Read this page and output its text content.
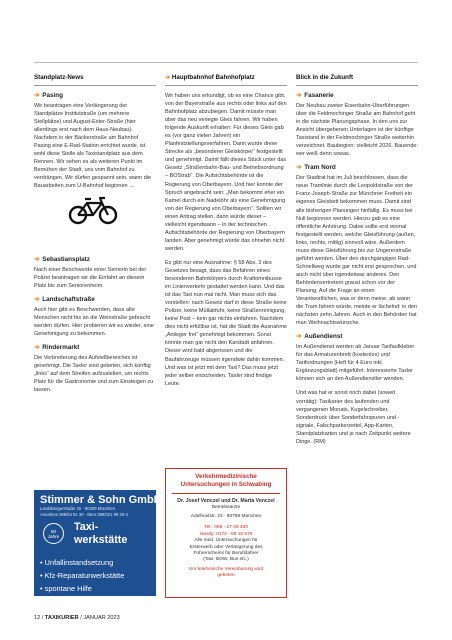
Standplatz-News
➔ Pasing
Wir beantragen eine Verlängerung der Standplätze Institutstraße (um mehrere Stellplätze) und August-Exter-Straße (hier allerdings erst nach dem Haus-Neubau). Nachdem in der Bäckerstraße am Bahnhof Pasing eine E-Rad-Station errichtet wurde, ist wohl diese Stelle als Taxistandplatz aus dem Rennen. Wir sehen es als weiteren Punkt im Bemühen der Stadt, uns vom Bahnhof zu verdrängen. Wir dürfen gespannt sein, wann die Bauarbeiten zum U-Bahnhof beginnen …
➔ Sebastiansplatz
Nach einer Beschwerde einer Seniorin bei der Polizei beantragen wir die Einfahrt an diesem Platz bis zum Seniorenheim.
➔ Landschaftstraße
Auch hier gibt es Beschwerden, dass alte Menschen nicht bis an die Weinstraße gebracht werden dürfen. Hier probieren wir es wieder, eine Genehmigung zu bekommen.
➔ Rindermarkt
Die Verbreiterung des Aufstellbereiches ist genehmigt. Die Taxler sind gebeten, sich künftig „links“ auf dem Streifen aufzustellen, um rechts Platz für die Gastronomie und zum Einsteigen zu lassen.
➔ Hauptbahnhof Bahnhofplatz
Wir haben uns erkundigt, ob es eine Chance gibt, von der Bayerstraße aus rechts oder links auf den Bahnhofplatz abzubiegen. Damit müsste man über das neu verlegte Gleis fahren. Wir haben folgende Auskunft erhalten: Für dieses Gleis gab es (vor ganz vielen Jahren) ein Planfeststellungsverfahren. Darin wurde diese Strecke als „besonderer Gleiskörper“ festgestellt und genehmigt. Damit fällt dieses Stück unter das Gesetz „Straßenbahn-Bau- und Betriebsordnung – BOStrab“. Die Aufsichtsbehörde ist die Regierung von Oberbayern. Und hier konnte der Spruch angebracht sein: „Man bekommt eher ein Kamel durch ein Nadelöhr als eine Genehmigung von der Regierung von Oberbayern“. Sollten wir einen Antrag stellen, dann würde dieser – vielleicht irgendwann – in der technischen Aufsichtsbehörde der Regierung von Oberbayern landen. Aber genehmigt würde das ohnehin nicht werden.
Es gibt nur eine Ausnahme: § 58 Abs. 3 des Gesetzes besagt, dass das Befahren eines besonderen Bahnkörpers durch Kraftomnibusse im Linienverkehr gestattet werden kann. Und das ist das Taxi nun mal nicht. Man muss sich das vorstellen: nach Gesetz darf in diese Straße keine Polizei, keine Müllabfuhr, keine Straßenreinigung, keine Post – kein gar nichts einfahren. Nachdem dies nicht erfüllbar ist, hat die Stadt die Ausnahme „Anlieger frei“ genehmigt bekommen. Sonst könnte man gar nicht den Karstadt anfahren. Dieser wird bald abgerissen und die Baufahrzeuge müssen irgendwie dahin kommen. Und was ist jetzt mit dem Taxi? Das muss jetzt jeder selber entscheiden. Taxler sind findige Leute.
Blick in die Zukunft
➔ Fasanerie
Der Neubau zweier Eisenbahn-Überführungen über die Feldmochinger Straße am Bahnhof geht in die nächste Planungsphase. In den uns zur Ansicht übergebenen Unterlagen ist der künftige Taxistand in der Feldmochinger Straße weiterhin verzeichnet. Baubeginn: vielleicht 2026. Bauende: wer weiß denn sowas.
➔ Tram Nord
Der Stadtrat hat im Juli beschlossen, dass die neue Tramlinie durch die Leopoldstraße von der Franz-Joseph-Straße zur Münchner Freiheit ein eigenes Gleisbett bekommen muss. Damit sind alle bisherigen Planungen hinfällig. Es muss bei Null begonnen werden. Hierzu gab es eine öffentliche Anhörung. Dabei sollte erst einmal festgestellt werden, welche Gleisführung (außen, links, rechts, mittig) sinnvoll wäre. Außerdem muss diese Gleisführung bis zur Ungererstraße geführt werden. Über den durchgängigen Rad-Schnellweg wurde gar nicht erst gesprochen, und auch nicht über irgendetwas anderes. Den Behördenvertretern graust schon vor der Planung. Auf die Frage an einen Verantwortlichen, was er denn meine, ab wann die Tram fahren würde, meinte er lächelnd: in den nächsten zehn Jahren. Auch in den Behörden hat man Weihnachtswünsche.
➔ Außendienst
Im Außendienst werden ab Januar Tarifaufkleber für das Armaturenbrett (kostenlos) und Tarifordnungen (Heft für 4 Euro inkl. Ergänzungsblatt) mitgeführt. Interessierte Taxler können sich an den Außendienstler wenden.
Und was hat er sonst noch dabei (soweit vorrätig): Taxikarier des laufenden und vergangenen Monats, Kugelschreiber, Sonderdruck über Sonderfahrspuren und -signale, Falschparkerzettel, App-Karten, Standplatzkarten und je nach Zeitpunkt weitere Dinge. (RM)
Stimmer & Sohn GmbH
Landsbergerstraße 20 · 80339 München
Annahme 089/54 81 30 · Büro 089/321 99 29-3
60
Jahre
Taxi-
werkstätte
• Unfallinstandsetzung
• Kfz-Reparaturwerkstätte
• spontane Hilfe
Verkehrmedizinische
Untersuchungen in Schwabing
Dr. Josef Venczel und Dr. Marta Venczel
Betriebsärzte
Adelheidstr. 23 · 80798 München
Tel.: 089 - 27 29 460
Handy: 0172 - 89 16 575
Alle med. Untersuchungen für
Ersterwerb oder Verlängerung des
Führerscheins für Berufsfahrer
(Taxi, BOW, Bus etc.)
Um telefonische Vereinbarung wird
gebeten
12 / TAXIKURIER / JANUAR 2023
